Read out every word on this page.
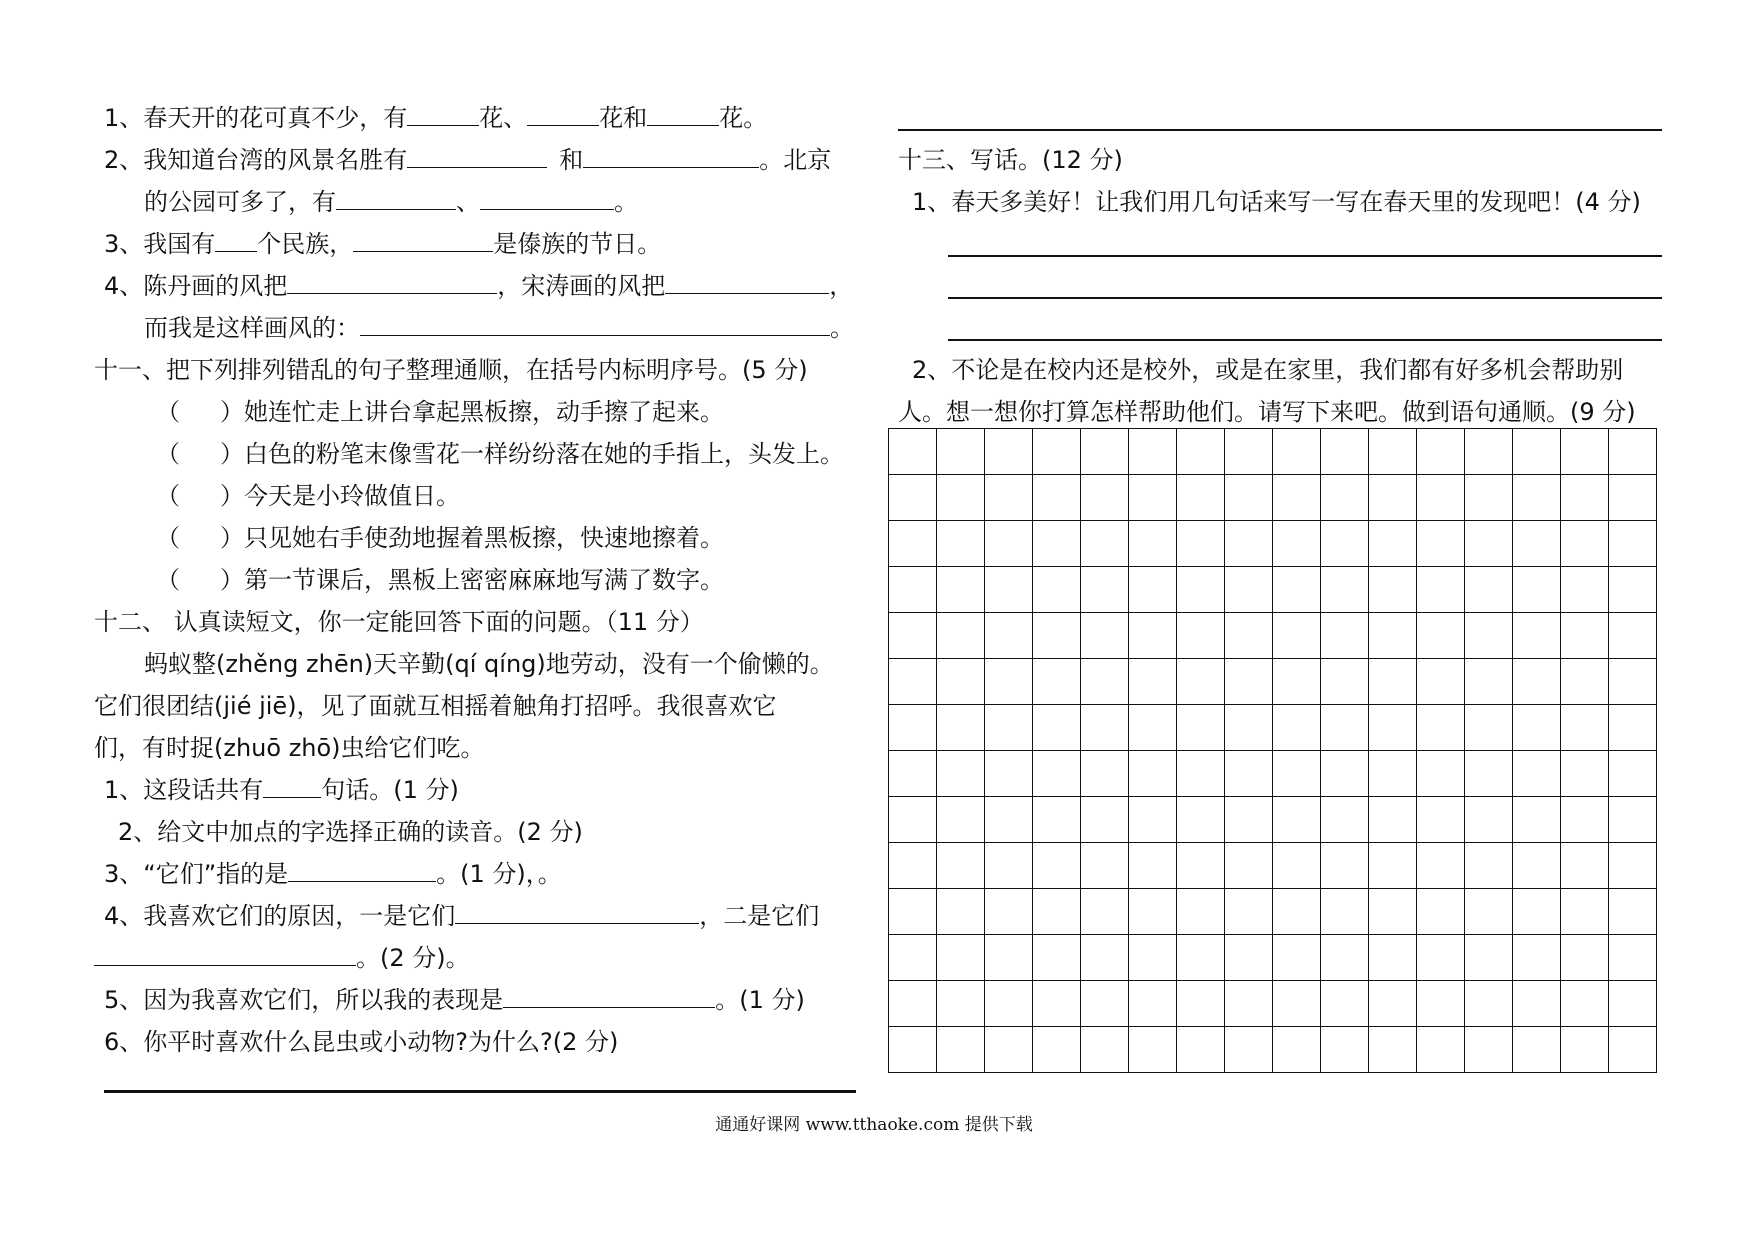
1、春天开的花可真不少，有	花、	花和	花。
2、我知道台湾的风景名胜有	和	。北京
的公园可多了，有	、	。
3、我国有 个民族，	是傣族的节日。
4、陈丹画的风把	，宋涛画的风把	，
而我是这样画风的：	。
十一、把下列排列错乱的句子整理通顺，在括号内标明序号。(5 分)
（ ）她连忙走上讲台拿起黑板擦，动手擦了起来。
（ ）白色的粉笔末像雪花一样纷纷落在她的手指上，头发上。
（ ）今天是小玲做值日。
（ ）只见她右手使劲地握着黑板擦，快速地擦着。
（ ）第一节课后，黑板上密密麻麻地写满了数字。
十二、 认真读短文，你一定能回答下面的问题。（11 分）
蚂蚁整(zhěng zhēn)天辛勤(qí qíng)地劳动，没有一个偷懒的。
它们很团结(jié jiē)，见了面就互相摇着触角打招呼。我很喜欢它
们，有时捉(zhuō zhō)虫给它们吃。
1、这段话共有 句话。(1 分)
2、给文中加点的字选择正确的读音。(2 分)
3、“它们”指的是	。(1 分)，。
4、我喜欢它们的原因，一是它们	，二是它们
。(2 分)。
5、因为我喜欢它们，所以我的表现是	。(1 分)
6、你平时喜欢什么昆虫或小动物?为什么?(2 分)
十三、写话。(12 分)
1、春天多美好！让我们用几句话来写一写在春天里的发现吧！(4 分)
2、不论是在校内还是校外，或是在家里，我们都有好多机会帮助别
人。想一想你打算怎样帮助他们。请写下来吧。做到语句通顺。(9 分)

通通好课网 www.tthaoke.com 提供下载
